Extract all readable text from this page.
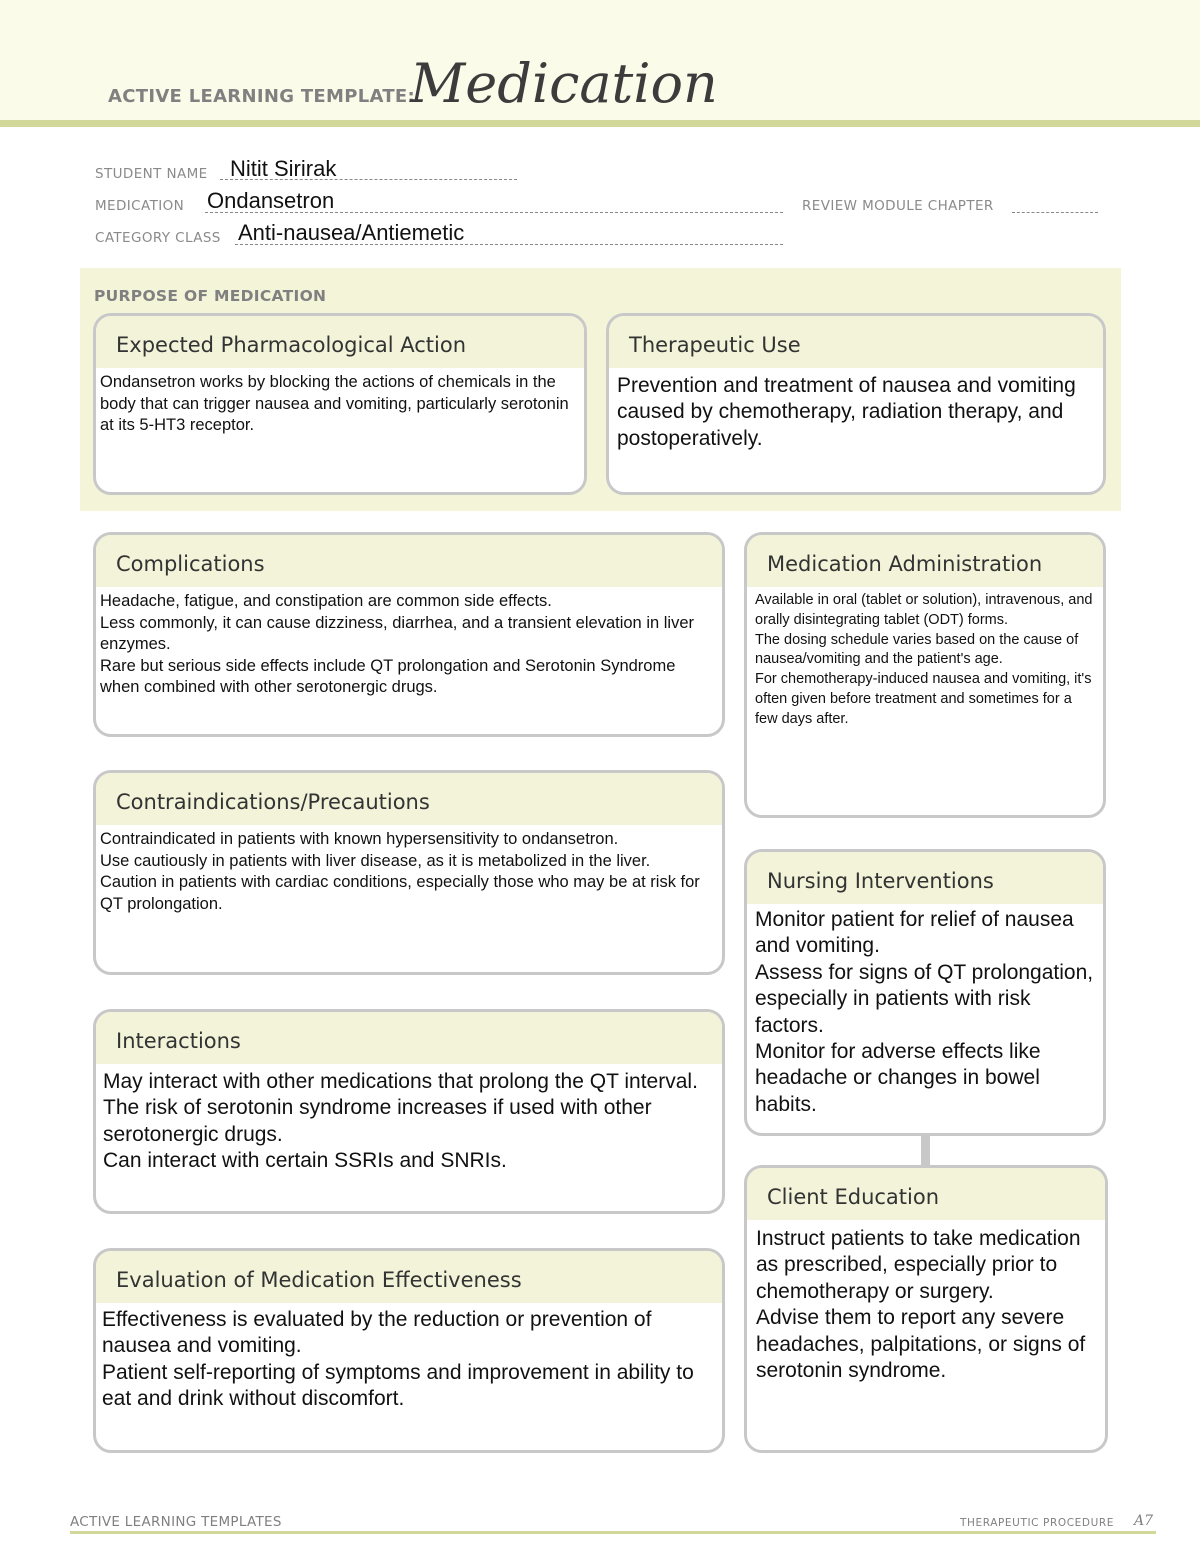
ACTIVE LEARNING TEMPLATE:
Medication
STUDENT NAME Nitit Sirirak
MEDICATION Ondansetron	REVIEW MODULE CHAPTER
CATEGORY CLASS Anti-nausea/Antiemetic
PURPOSE OF MEDICATION
Expected Pharmacological Action

Ondansetron works by blocking the actions of chemicals in the body that can trigger nausea and vomiting, particularly serotonin at its 5-HT3 receptor.

Therapeutic Use

Prevention and treatment of nausea and vomiting caused by chemotherapy, radiation therapy, and postoperatively.

Complications

Headache, fatigue, and constipation are common side effects.

Less commonly, it can cause dizziness, diarrhea, and a transient elevation in liver enzymes.

Rare but serious side effects include QT prolongation and Serotonin Syndrome when combined with other serotonergic drugs.

Medication Administration

Available in oral (tablet or solution), intravenous, and orally disintegrating tablet (ODT) forms.

The dosing schedule varies based on the cause of nausea/vomiting and the patient's age.

For chemotherapy-induced nausea and vomiting, it's often given before treatment and sometimes for a few days after.

Contraindications/Precautions

Contraindicated in patients with known hypersensitivity to ondansetron.

Use cautiously in patients with liver disease, as it is metabolized in the liver.

Caution in patients with cardiac conditions, especially those who may be at risk for QT prolongation.

Nursing Interventions

Monitor patient for relief of nausea and vomiting.

Assess for signs of QT prolongation, especially in patients with risk factors.

Monitor for adverse effects like headache or changes in bowel habits.

Interactions

May interact with other medications that prolong the QT interval.

The risk of serotonin syndrome increases if used with other serotonergic drugs.

Can interact with certain SSRIs and SNRIs.

Client Education

Instruct patients to take medication as prescribed, especially prior to chemotherapy or surgery.

Advise them to report any severe headaches, palpitations, or signs of serotonin syndrome.

Evaluation of Medication Effectiveness

Effectiveness is evaluated by the reduction or prevention of nausea and vomiting.

Patient self-reporting of symptoms and improvement in ability to eat and drink without discomfort.

ACTIVE LEARNING TEMPLATES	THERAPEUTIC PROCEDURE A7
